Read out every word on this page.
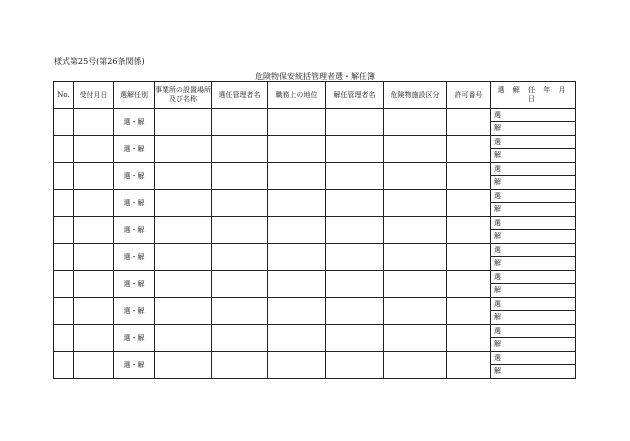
様式第25号(第26条関係)
危険物保安統括管理者選・解任簿
No.	受付月日	選解任別	事業所の設置場所及び名称	選任管理者名	職務上の地位	解任管理者名	危険物施設区分	許可番号	選 解 任 年 月 日
		選・解							選
									解
		選・解							選
									解
		選・解							選
									解
		選・解							選
									解
		選・解							選
									解
		選・解							選
									解
		選・解							選
									解
		選・解							選
									解
		選・解							選
									解
		選・解							選
									解
